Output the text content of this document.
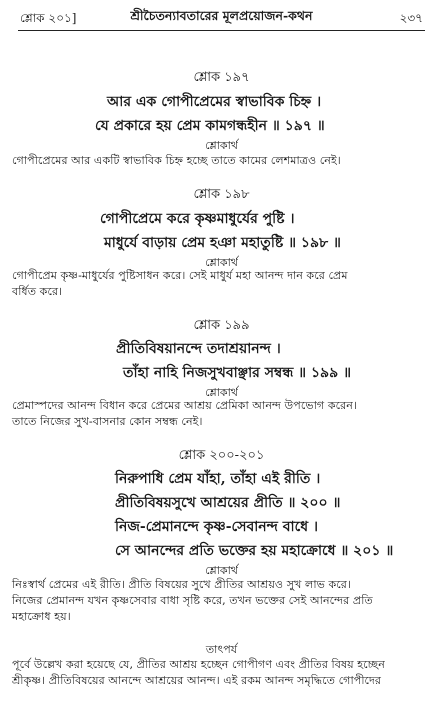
শ্লোক ২০১]	শ্রীচৈতন্যাবতারের মূলপ্রয়োজন-কথন	২৩৭
শ্লোক ১৯৭
আর এক গোপীপ্রেমের স্বাভাবিক চিহ্ন ।
যে প্রকারে হয় প্রেম কামগন্ধহীন ॥ ১৯৭ ॥
শ্লোকার্থ
গোপীপ্রেমের আর একটি স্বাভাবিক চিহ্ন হচ্ছে তাতে কামের লেশমাত্রও নেই।
শ্লোক ১৯৮
গোপীপ্রেমে করে কৃষ্ণমাধুর্যের পুষ্টি ।
মাধুর্যে বাড়ায় প্রেম হঞা মহাতুষ্টি ॥ ১৯৮ ॥
শ্লোকার্থ
গোপীপ্রেম কৃষ্ণ-মাধুর্যের পুষ্টিসাধন করে। সেই মাধুর্য মহা আনন্দ দান করে প্রেম
বর্ধিত করে।
শ্লোক ১৯৯
প্রীতিবিষয়ানন্দে তদাশ্রয়ানন্দ ।
তাঁহা নাহি নিজসুখবাঞ্ছার সম্বন্ধ ॥ ১৯৯ ॥
শ্লোকার্থ
প্রেমাস্পদের আনন্দ বিধান করে প্রেমের আশ্রয় প্রেমিকা আনন্দ উপভোগ করেন।
তাতে নিজের সুখ-বাসনার কোন সম্বন্ধ নেই।
শ্লোক ২০০-২০১
নিরুপাধি প্রেম যাঁহা, তাঁহা এই রীতি ।
প্রীতিবিষয়সুখে আশ্রয়ের প্রীতি ॥ ২০০ ॥
নিজ-প্রেমানন্দে কৃষ্ণ-সেবানন্দ বাধে ।
সে আনন্দের প্রতি ভক্তের হয় মহাক্রোধে ॥ ২০১ ॥
শ্লোকার্থ
নিঃস্বার্থ প্রেমের এই রীতি। প্রীতি বিষয়ের সুখে প্রীতির আশ্রয়ও সুখ লাভ করে।
নিজের প্রেমানন্দ যখন কৃষ্ণসেবার বাধা সৃষ্টি করে, তখন ভক্তের সেই আনন্দের প্রতি
মহাক্রোধ হয়।
তাৎপর্য
পূর্বে উল্লেখ করা হয়েছে যে, প্রীতির আশ্রয় হচ্ছেন গোপীগণ এবং প্রীতির বিষয় হচ্ছেন
শ্রীকৃষ্ণ। প্রীতিবিষয়ের আনন্দে আশ্রয়ের আনন্দ। এই রকম আনন্দ সমৃদ্ধিতে গোপীদের
